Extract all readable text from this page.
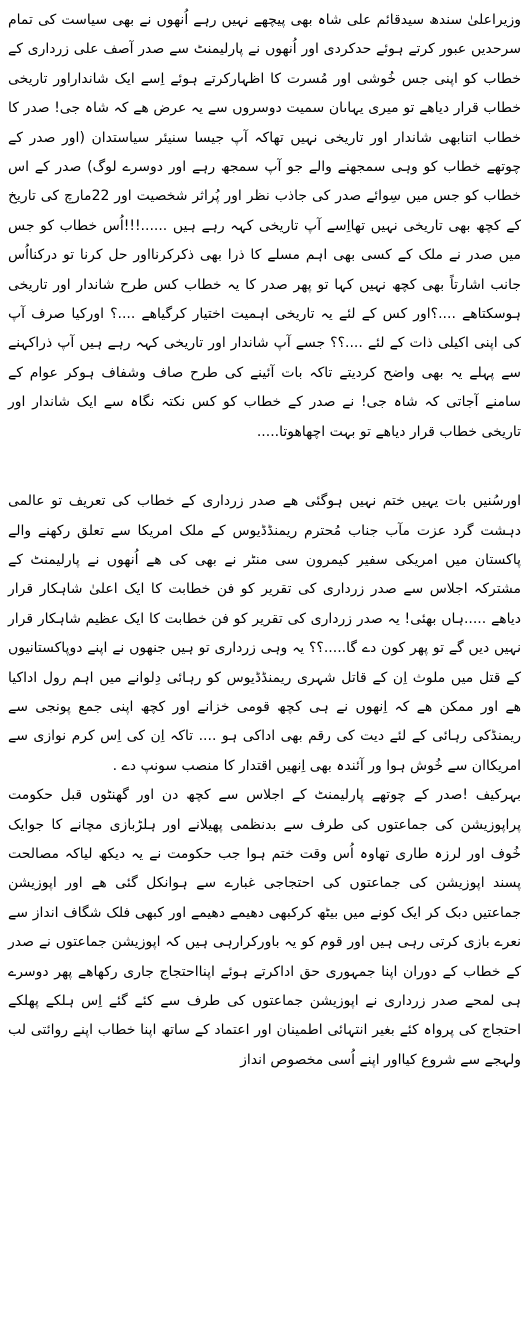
وزیراعلیٰ سندھ سیدقائم علی شاہ بھی پیچھے نہیں رہے اُنھوں نے بھی سیاست کی تمام سرحدیں عبور کرتے ہوئے حدکردی اور اُنھوں نے پارلیمنٹ سے صدر آصف علی زرداری کے خطاب کو اپنی جس خُوشی اور مُسرت کا اظہارکرتے ہوئے اِسے ایک شانداراور تاریخی خطاب قرار دیاھے تو میری یہاںان سمیت دوسروں سے یہ عرض ھے کہ شاہ جی! صدر کا خطاب اتنابھی شاندار اور تاریخی نہیں تھاکہ آپ جیسا سنیئر سیاستدان (اور صدر کے چوتھے خطاب کو وہی سمجھنے والے جو آپ سمجھ رہے اور دوسرے لوگ) صدر کے اس خطاب کو جس میں سِوائے صدر کی جاذب نظر اور پُراثر شخصیت اور 22مارچ کی تاریخ کے کچھ بھی تاریخی نہیں تھااِسے آپ تاریخی کہہ رہے ہیں ......!!!اُس خطاب کو جس میں صدر نے ملک کے کسی بھی اہم مسلے کا ذرا بھی ذکرکرنااور حل کرنا تو درکنااُس جانب اشارتاً بھی کچھ نہیں کہا تو پھر صدر کا یہ خطاب کس طرح شاندار اور تاریخی ہوسکتاھے ....؟اور کس کے لئے یہ تاریخی اہمیت اختیار کرگیاھے ....؟ اورکیا صرف آپ کی اپنی اکیلی ذات کے لئے ....؟؟ جسے آپ شاندار اور تاریخی کہہ رہے ہیں آپ ذراکہنے سے پہلے یہ بھی واضح کردیتے تاکہ بات آئینے کی طرح صاف وشفاف ہوکر عوام کے سامنے آجاتی کہ شاہ جی! نے صدر کے خطاب کو کس نکتہ نگاہ سے ایک شاندار اور تاریخی خطاب قرار دیاھے تو بہت اچھاھوتا.....

اورسُنیں بات یہیں ختم نہیں ہوگئی ھے صدر زرداری کے خطاب کی تعریف تو عالمی دہشت گرد عزت مآب جناب مُحترم ریمنڈڈیوس کے ملک امریکا سے تعلق رکھنے والے پاکستان میں امریکی سفیر کیمرون سی منٹر نے بھی کی ھے اُنھوں نے پارلیمنٹ کے مشترکہ اجلاس سے صدر زرداری کی تقریر کو فن خطابت کا ایک اعلیٰ شاہکار قرار دیاھے .....ہاں بھئی! یہ صدر زرداری کی تقریر کو فن خطابت کا ایک عظیم شاہکار قرار نہیں دیں گے تو پھر کون دے گا.....؟؟ یہ وہی زرداری تو ہیں جنھوں نے اپنے دوپاکستانیوں کے قتل میں ملوث اِن کے قاتل شہری ریمنڈڈیوس کو رہائی دِلوانے میں اہم رول اداکیا ھے اور ممکن ھے کہ اِنھوں نے ہی کچھ قومی خزانے اور کچھ اپنی جمع پونجی سے ریمنڈکی رہائی کے لئے دیت کی رقم بھی اداکی ہو .... تاکہ اِن کی اِس کرم نوازی سے امریکاان سے خُوش ہوا ور آئندہ بھی اِنھیں اقتدار کا منصب سونپ دے .

بہرکیف !صدر کے چوتھے پارلیمنٹ کے اجلاس سے کچھ دن اور گھنٹوں قبل حکومت پراپوزیشن کی جماعتوں کی طرف سے بدنظمی پھیلانے اور ہلڑبازی مچانے کا جوایک خُوف اور لرزہ طاری تھاوہ اُس وقت ختم ہوا جب حکومت نے یہ دیکھ لیاکہ مصالحت پسند اپوزیشن کی جماعتوں کی احتجاجی غبارے سے ہوانکل گئی ھے اور اپوزیشن جماعتیں دبک کر ایک کونے میں بیٹھ کرکبھی دھیمے دھیمے اور کبھی فلک شگاف انداز سے نعرے بازی کرتی رہی ہیں اور قوم کو یہ باورکرارہی ہیں کہ اپوزیشن جماعتوں نے صدر کے خطاب کے دوران اپنا جمہوری حق اداکرتے ہوئے اپنااحتجاج جاری رکھاھے پھر دوسرے ہی لمحے صدر زرداری نے اپوزیشن جماعتوں کی طرف سے کئے گئے اِس ہلکے پھلکے احتجاج کی پرواہ کئے بغیر انتہائی اطمینان اور اعتماد کے ساتھ اپنا خطاب اپنے روائتی لب ولہجے سے شروع کیااور اپنے اُسی مخصوص انداز
